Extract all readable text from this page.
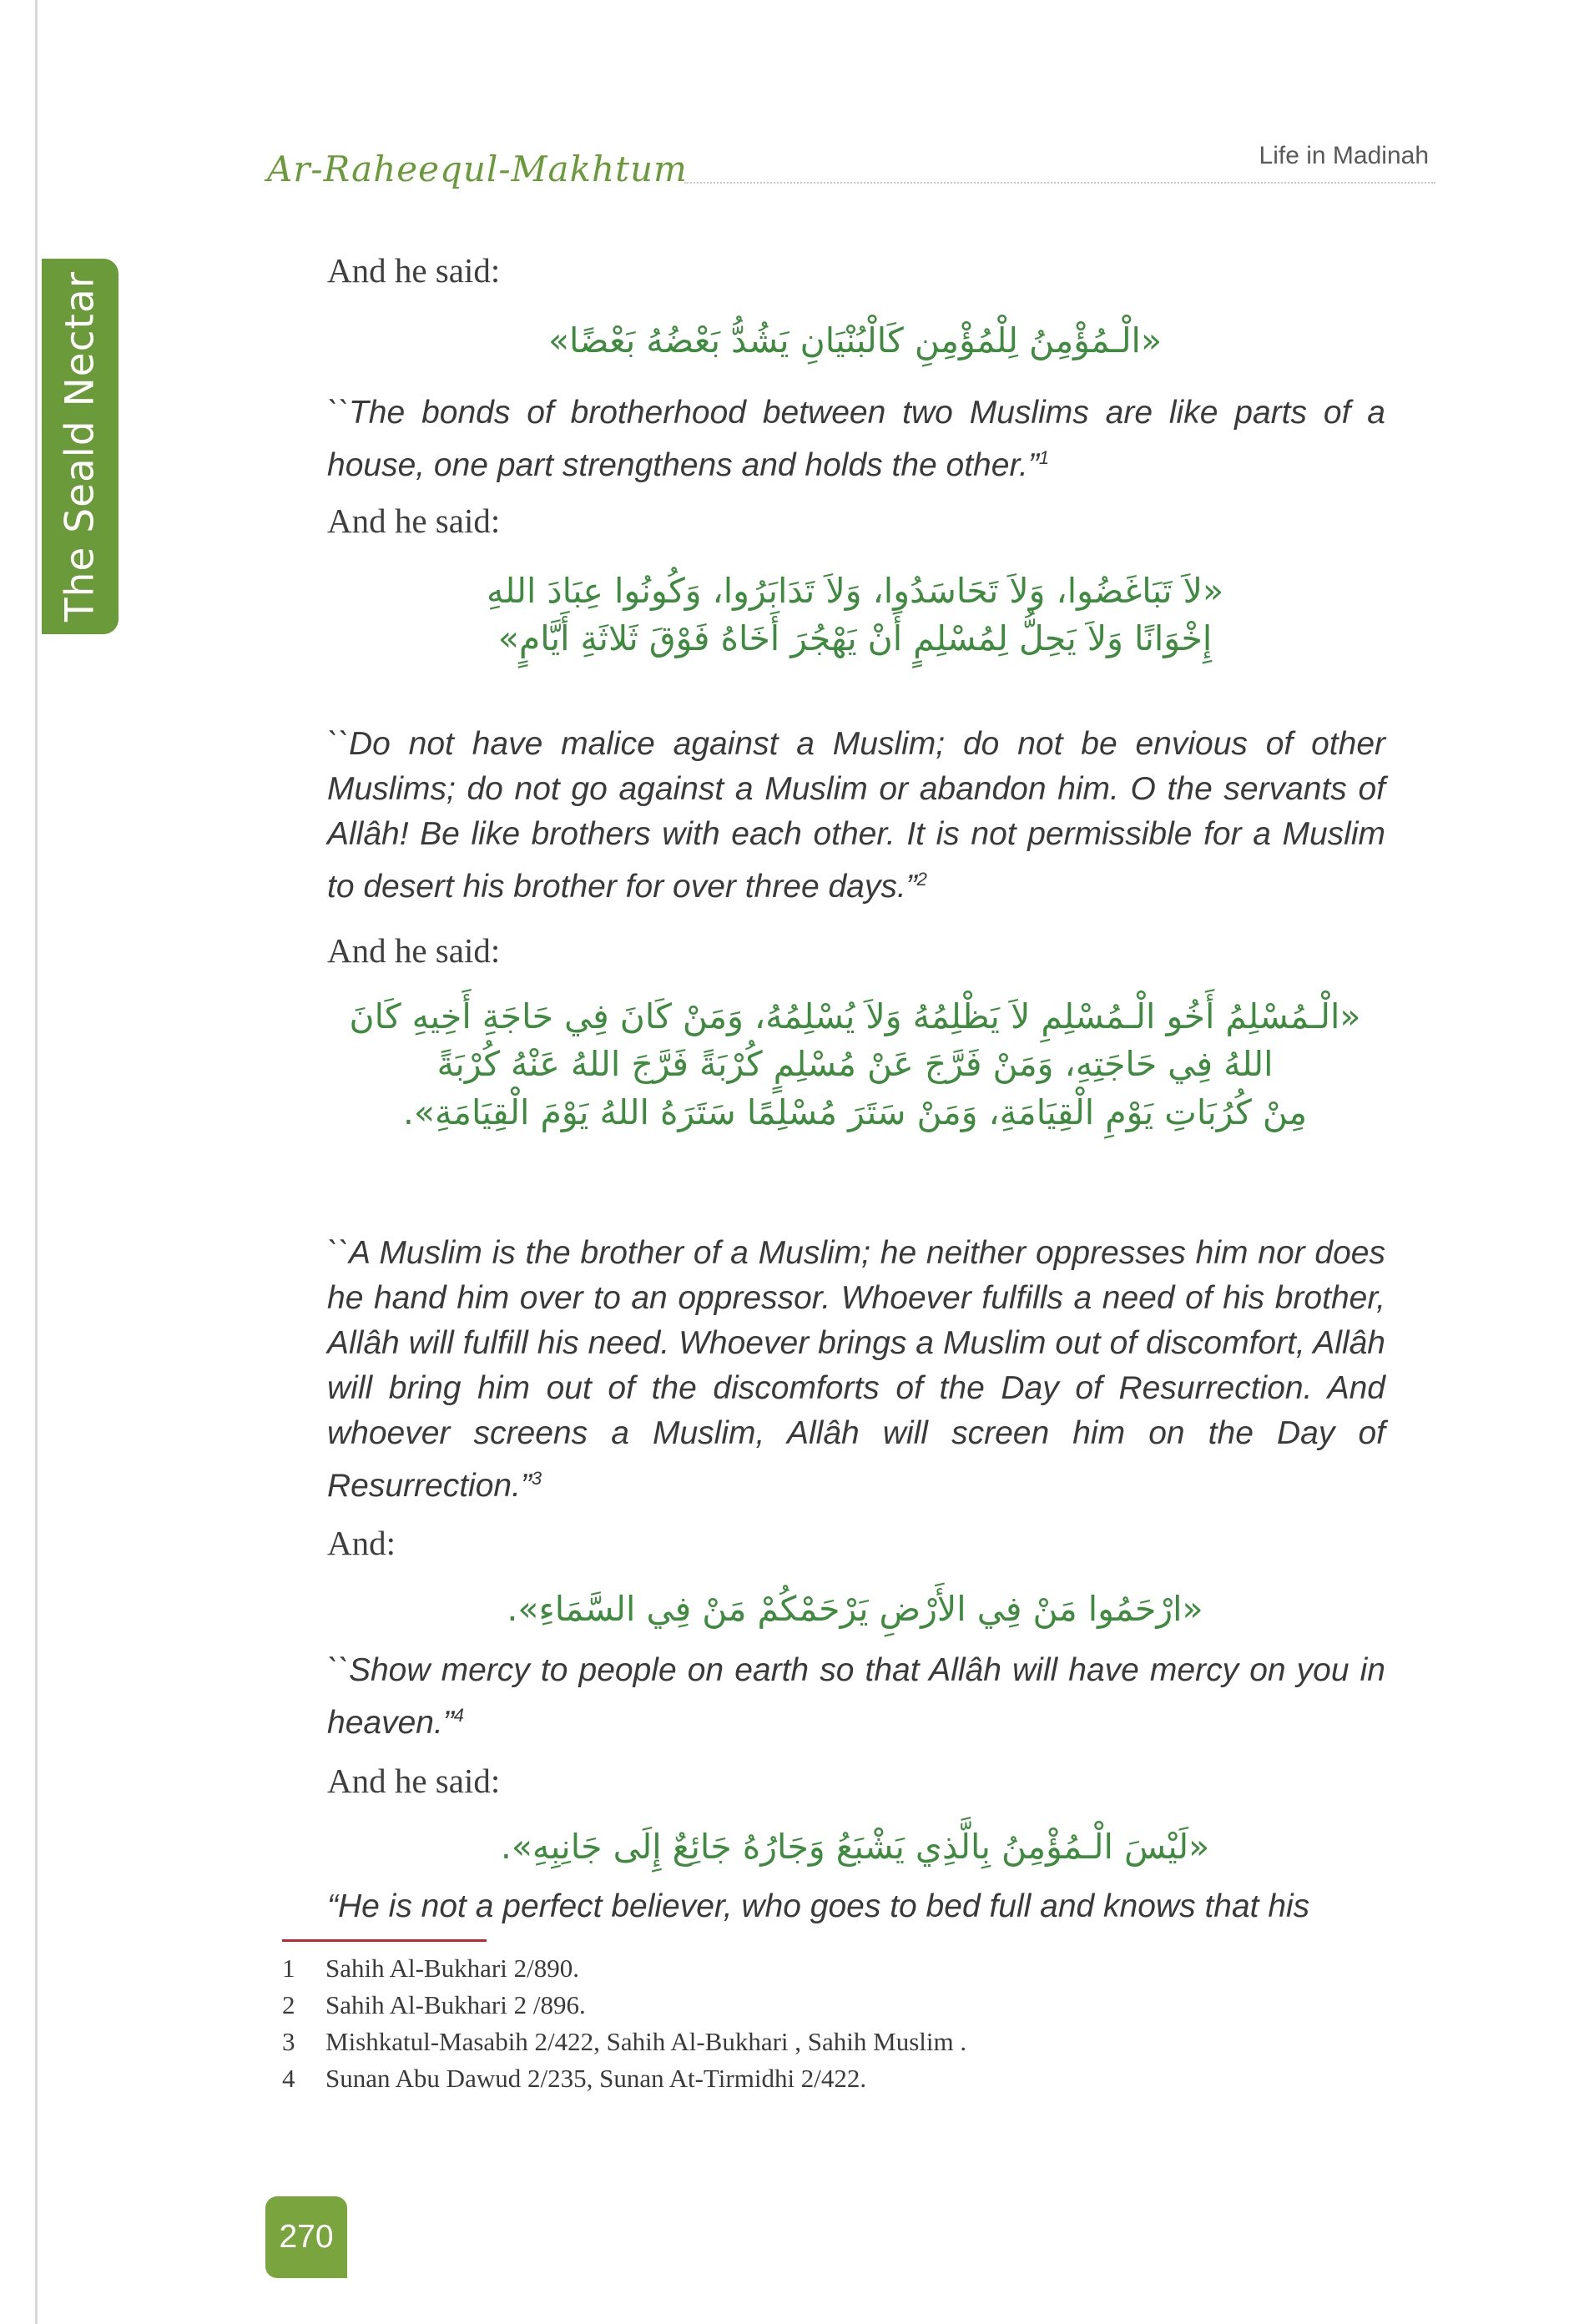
The Seald Nectar
Ar-Raheequl-Makhtum	Life in Madinah
And he said:
«الْـمُؤْمِنُ لِلْمُؤْمِنِ كَالْبُنْيَانِ يَشُدُّ بَعْضُهُ بَعْضًا»
``The bonds of brotherhood between two Muslims are like parts of a house, one part strengthens and holds the other.”$^1$
And he said:
«لاَ تَبَاغَضُوا، وَلاَ تَحَاسَدُوا، وَلاَ تَدَابَرُوا، وَكُونُوا عِبَادَ اللهِ
إِخْوَانًا وَلاَ يَحِلُّ لِمُسْلِمٍ أَنْ يَهْجُرَ أَخَاهُ فَوْقَ ثَلاثَةِ أَيَّامٍ»
``Do not have malice against a Muslim; do not be envious of other Muslims; do not go against a Muslim or abandon him. O the servants of Allâh! Be like brothers with each other. It is not permissible for a Muslim to desert his brother for over three days.”$^2$
And he said:
«الْـمُسْلِمُ أَخُو الْـمُسْلِمِ لاَ يَظْلِمُهُ وَلاَ يُسْلِمُهُ، وَمَنْ كَانَ فِي حَاجَةِ أَخِيهِ كَانَ
اللهُ فِي حَاجَتِهِ، وَمَنْ فَرَّجَ عَنْ مُسْلِمٍ كُرْبَةً فَرَّجَ اللهُ عَنْهُ كُرْبَةً
مِنْ كُرُبَاتِ يَوْمِ الْقِيَامَةِ، وَمَنْ سَتَرَ مُسْلِمًا سَتَرَهُ اللهُ يَوْمَ الْقِيَامَةِ».
``A Muslim is the brother of a Muslim; he neither oppresses him nor does he hand him over to an oppressor. Whoever fulfills a need of his brother, Allâh will fulfill his need. Whoever brings a Muslim out of discomfort, Allâh will bring him out of the discomforts of the Day of Resurrection. And whoever screens a Muslim, Allâh will screen him on the Day of Resurrection.”$^3$
And:
«ارْحَمُوا مَنْ فِي الأَرْضِ يَرْحَمْكُمْ مَنْ فِي السَّمَاءِ».
``Show mercy to people on earth so that Allâh will have mercy on you in heaven.”$^4$
And he said:
«لَيْسَ الْـمُؤْمِنُ بِالَّذِي يَشْبَعُ وَجَارُهُ جَائِعٌ إِلَى جَانِبِهِ».
“He is not a perfect believer, who goes to bed full and knows that his
1	Sahih Al-Bukhari 2/890.
2	Sahih Al-Bukhari 2 /896.
3	Mishkatul-Masabih 2/422, Sahih Al-Bukhari , Sahih Muslim .
4	Sunan Abu Dawud 2/235, Sunan At-Tirmidhi 2/422.
270
